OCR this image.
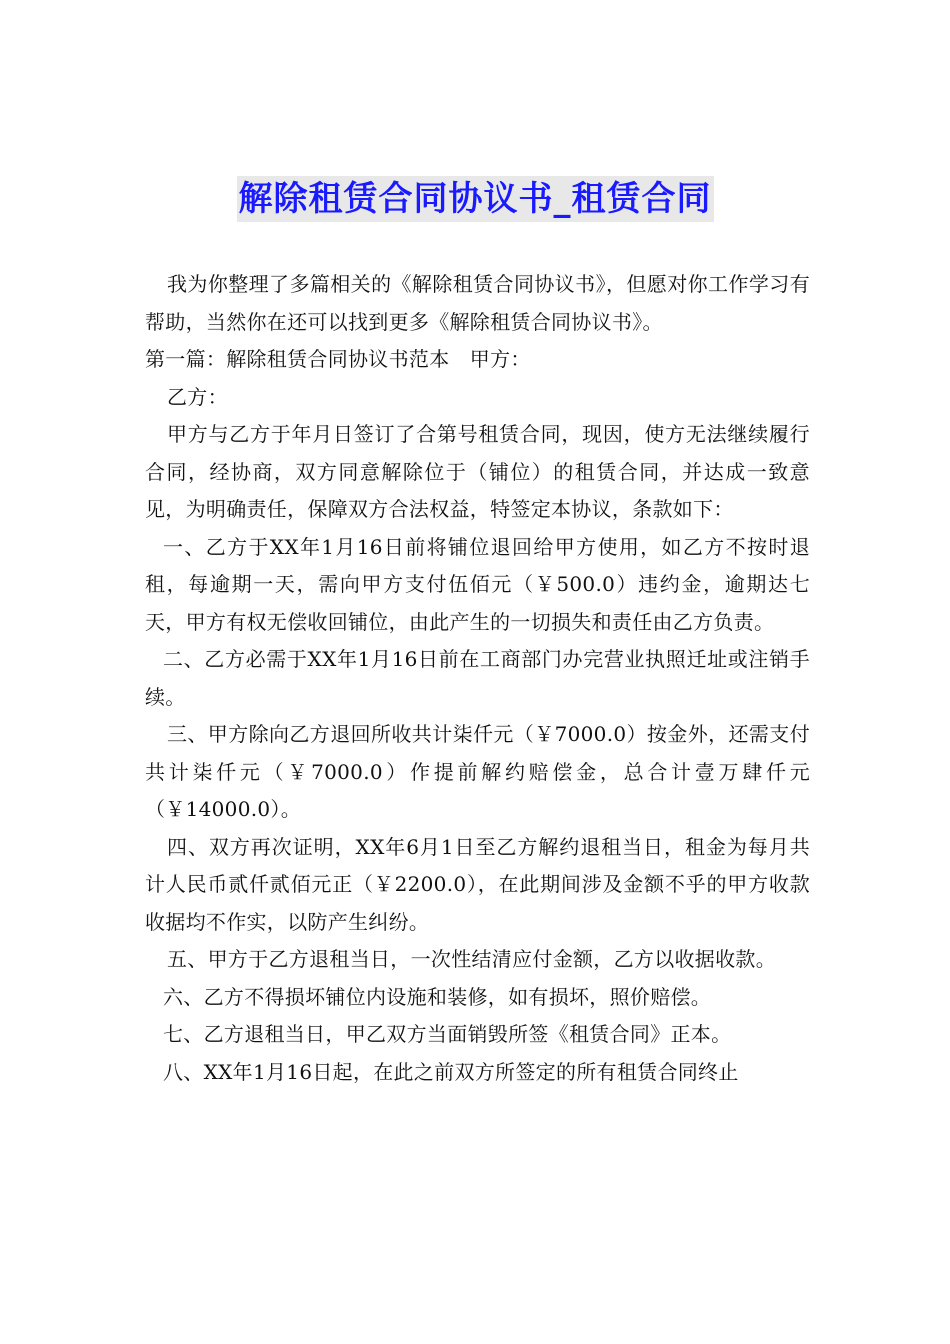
解除租赁合同协议书_租赁合同

我为你整理了多篇相关的《解除租赁合同协议书》，但愿对你工作学习有帮助，当然你在还可以找到更多《解除租赁合同协议书》。

第一篇：解除租赁合同协议书范本　甲方：

乙方：

甲方与乙方于年月日签订了合第号租赁合同，现因，使方无法继续履行合同，经协商，双方同意解除位于（铺位）的租赁合同，并达成一致意见，为明确责任，保障双方合法权益，特签定本协议，条款如下：

一、乙方于XX年1月16日前将铺位退回给甲方使用，如乙方不按时退租，每逾期一天，需向甲方支付伍佰元（￥500.0）违约金，逾期达七天，甲方有权无偿收回铺位，由此产生的一切损失和责任由乙方负责。

二、乙方必需于XX年1月16日前在工商部门办完营业执照迁址或注销手续。

三、甲方除向乙方退回所收共计柒仟元（￥7000.0）按金外，还需支付共计柒仟元（￥7000.0）作提前解约赔偿金，总合计壹万肆仟元（￥14000.0）。

四、双方再次证明，XX年6月1日至乙方解约退租当日，租金为每月共计人民币贰仟贰佰元正（￥2200.0），在此期间涉及金额不乎的甲方收款收据均不作实，以防产生纠纷。

五、甲方于乙方退租当日，一次性结清应付金额，乙方以收据收款。

六、乙方不得损坏铺位内设施和装修，如有损坏，照价赔偿。

七、乙方退租当日，甲乙双方当面销毁所签《租赁合同》正本。

八、XX年1月16日起，在此之前双方所签定的所有租赁合同终止
